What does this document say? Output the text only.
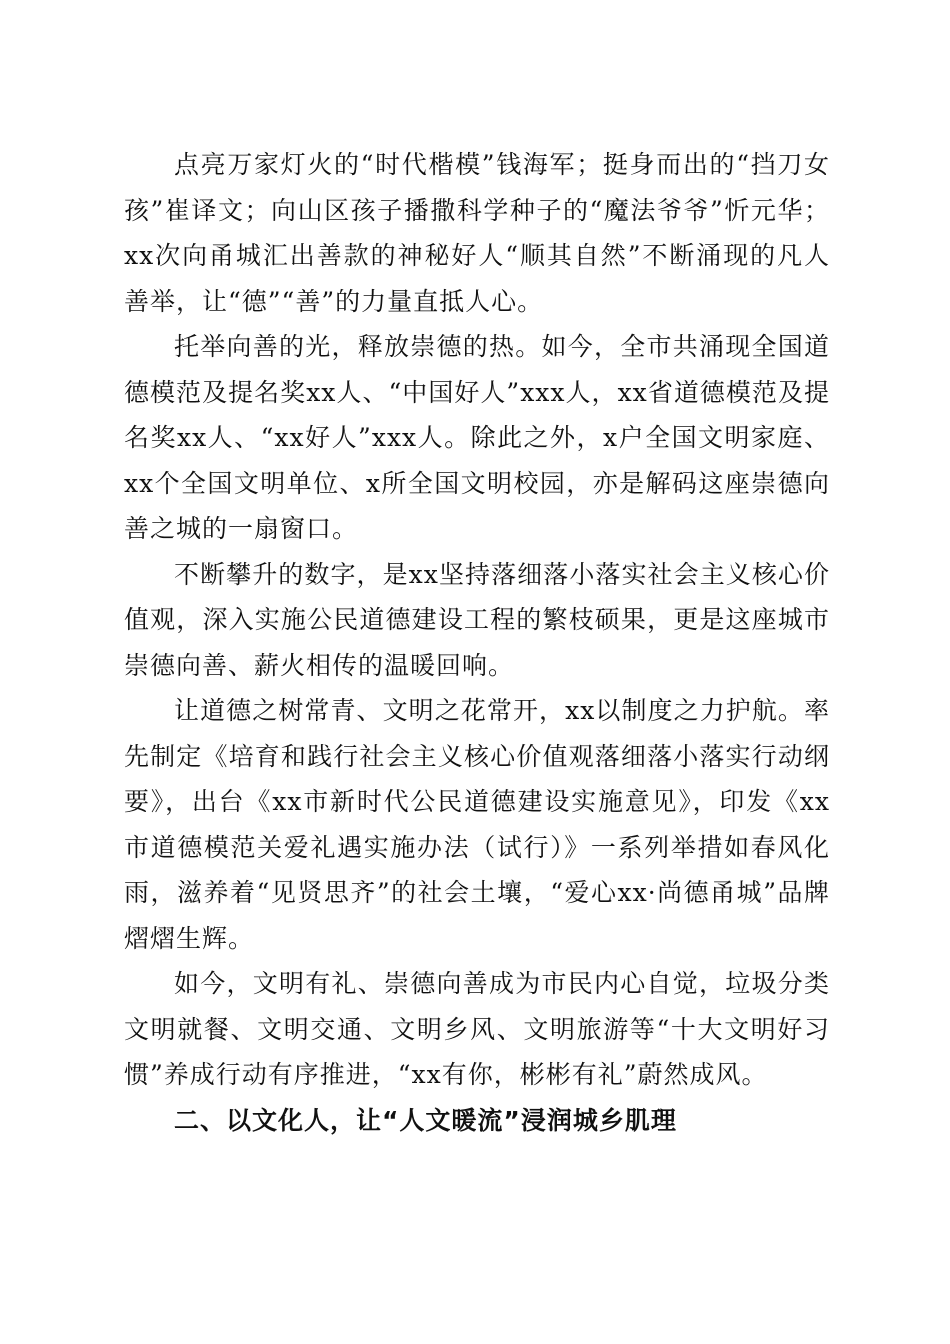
点亮万家灯火的“时代楷模”钱海军；挺身而出的“挡刀女孩”崔译文；向山区孩子播撒科学种子的“魔法爷爷”忻元华；xx次向甬城汇出善款的神秘好人“顺其自然”不断涌现的凡人善举，让“德”“善”的力量直抵人心。

托举向善的光，释放崇德的热。如今，全市共涌现全国道德模范及提名奖xx人、“中国好人”xxx人，xx省道德模范及提名奖xx人、“xx好人”xxx人。除此之外，x户全国文明家庭、xx个全国文明单位、x所全国文明校园，亦是解码这座崇德向善之城的一扇窗口。

不断攀升的数字，是xx坚持落细落小落实社会主义核心价值观，深入实施公民道德建设工程的繁枝硕果，更是这座城市崇德向善、薪火相传的温暖回响。

让道德之树常青、文明之花常开，xx以制度之力护航。率先制定《培育和践行社会主义核心价值观落细落小落实行动纲要》，出台《xx市新时代公民道德建设实施意见》，印发《xx市道德模范关爱礼遇实施办法（试行）》一系列举措如春风化雨，滋养着“见贤思齐”的社会土壤，“爱心xx·尚德甬城”品牌熠熠生辉。

如今，文明有礼、崇德向善成为市民内心自觉，垃圾分类文明就餐、文明交通、文明乡风、文明旅游等“十大文明好习惯”养成行动有序推进，“xx有你，彬彬有礼”蔚然成风。

二、以文化人，让“人文暖流”浸润城乡肌理
